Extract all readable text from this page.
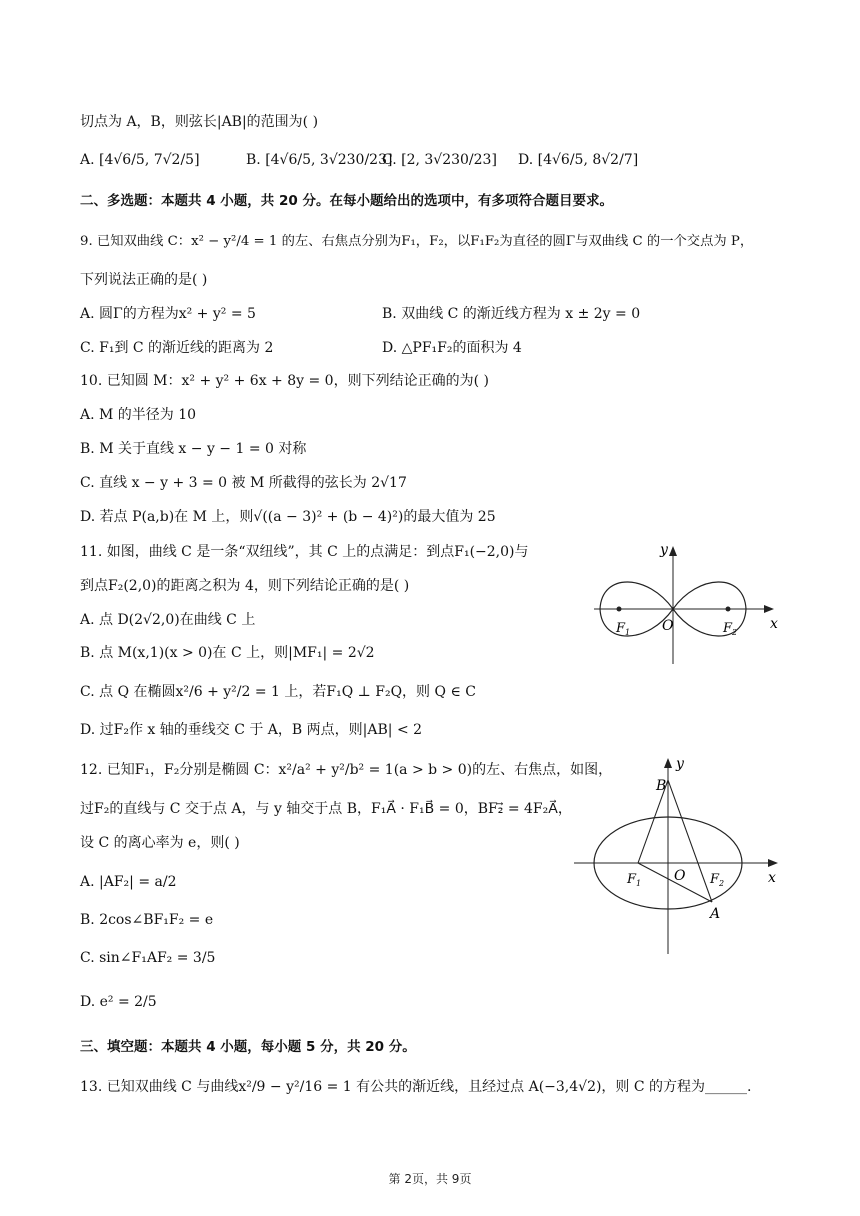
切点为 A，B，则弦长|AB|的范围为( )
A. [4√6/5, 7√2/5]	B. [4√6/5, 3√230/23]
C. [2, 3√230/23] D. [4√6/5, 8√2/7]
二、多选题：本题共 4 小题，共 20 分。在每小题给出的选项中，有多项符合题目要求。
9. 已知双曲线 C：x² − y²/4 = 1 的左、右焦点分别为F₁，F₂，以F₁F₂为直径的圆Γ与双曲线 C 的一个交点为 P，
下列说法正确的是( )
A. 圆Γ的方程为x² + y² = 5	B. 双曲线 C 的渐近线方程为 x ± 2y = 0
C. F₁到 C 的渐近线的距离为 2	D. △PF₁F₂的面积为 4
10. 已知圆 M：x² + y² + 6x + 8y = 0，则下列结论正确的为( )
A. M 的半径为 10
B. M 关于直线 x − y − 1 = 0 对称
C. 直线 x − y + 3 = 0 被 M 所截得的弦长为 2√17
D. 若点 P(a,b)在 M 上，则√((a − 3)² + (b − 4)²)的最大值为 25
11. 如图，曲线 C 是一条“双纽线”，其 C 上的点满足：到点F₁(−2,0)与
到点F₂(2,0)的距离之积为 4，则下列结论正确的是( )
A. 点 D(2√2,0)在曲线 C 上
B. 点 M(x,1)(x > 0)在 C 上，则|MF₁| = 2√2
C. 点 Q 在椭圆x²/6 + y²/2 = 1 上，若F₁Q ⊥ F₂Q，则 Q ∈ C
D. 过F₂作 x 轴的垂线交 C 于 A，B 两点，则|AB| < 2
y
x
O
F 1	F 2
12. 已知F₁，F₂分别是椭圆 C：x²/a² + y²/b² = 1(a > b > 0)的左、右焦点，如图，
过F₂的直线与 C 交于点 A，与 y 轴交于点 B，F₁A⃗ · F₁B⃗ = 0，BF₂⃗ = 4F₂A⃗，
设 C 的离心率为 e，则( )
A. |AF₂| = a/2
B. 2cos∠BF₁F₂ = e
C. sin∠F₁AF₂ = 3/5
D. e² = 2/5
y
x
O
B
A
F 1	F 2
三、填空题：本题共 4 小题，每小题 5 分，共 20 分。
13. 已知双曲线 C 与曲线x²/9 − y²/16 = 1 有公共的渐近线，且经过点 A(−3,4√2)，则 C 的方程为______.
第 2页，共 9页
